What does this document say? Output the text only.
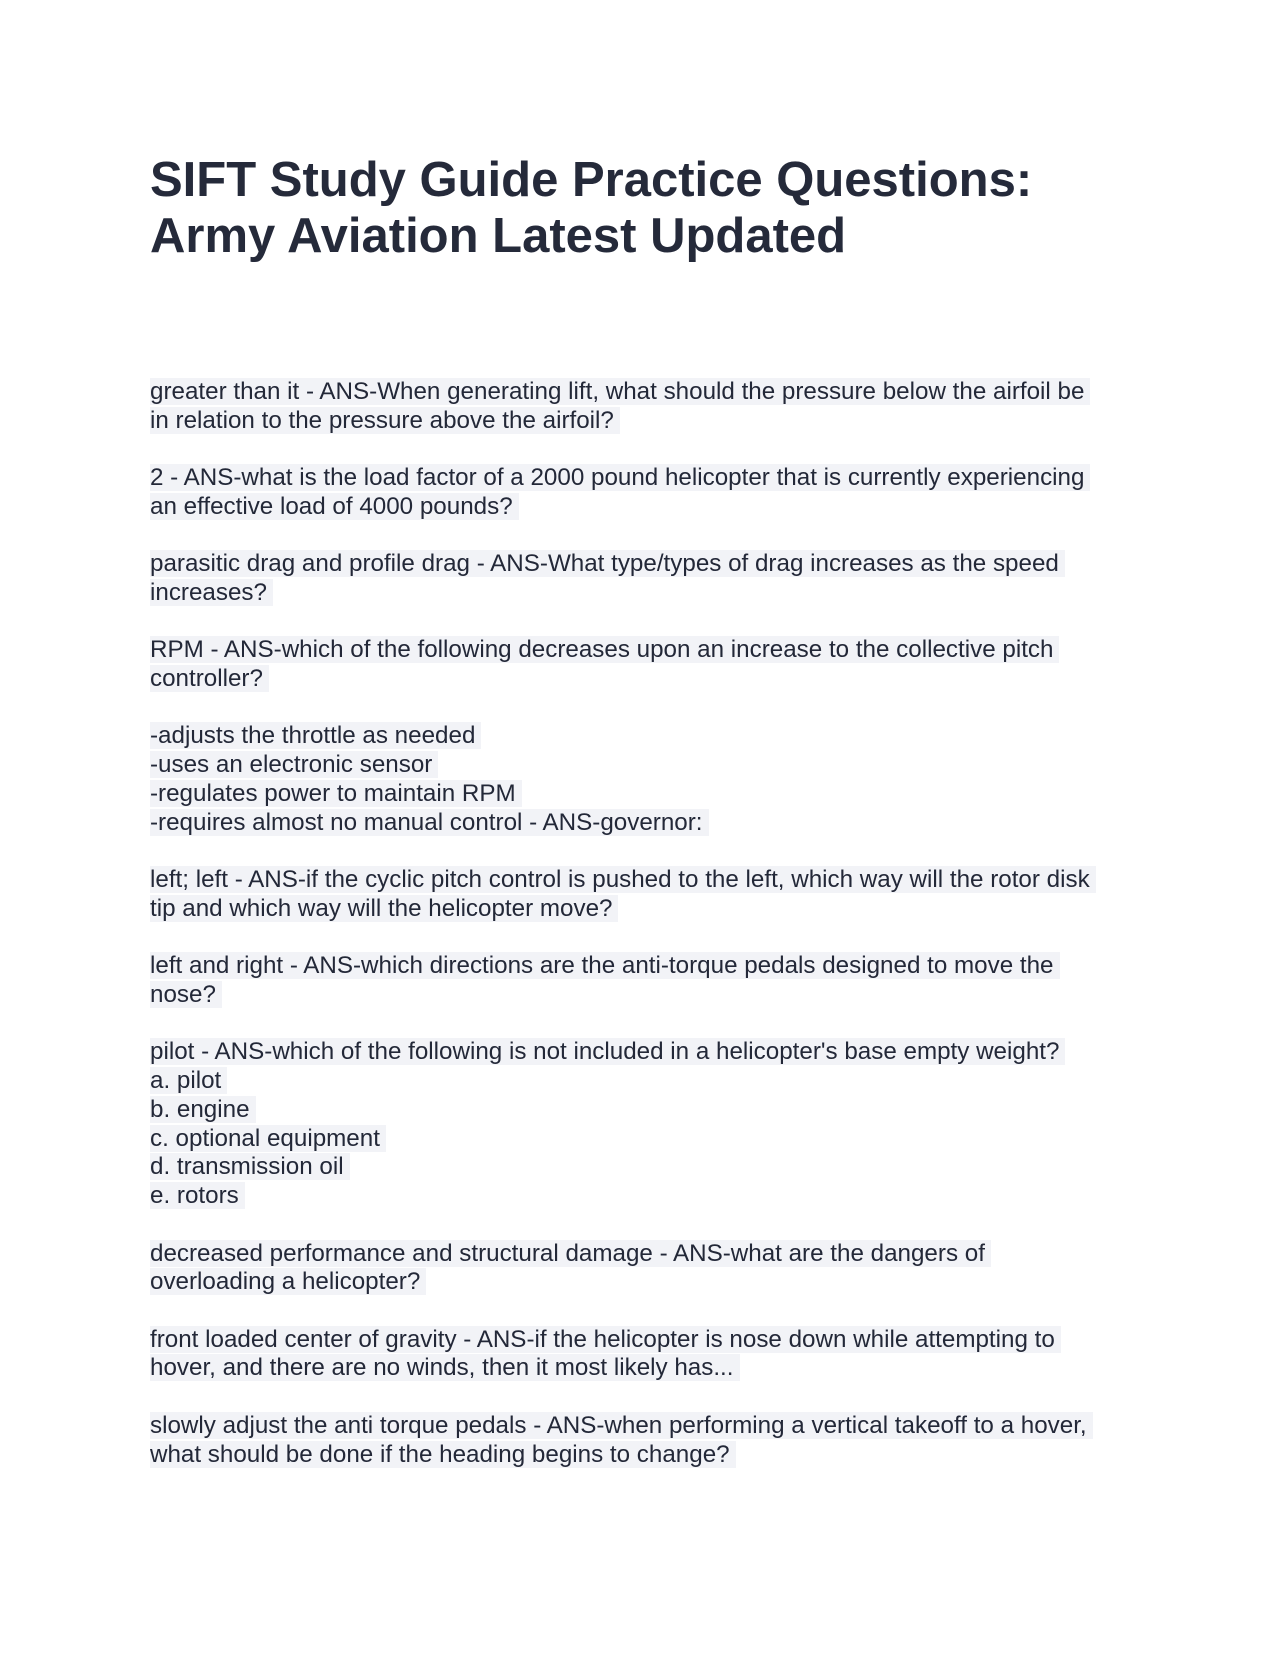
SIFT Study Guide Practice Questions:
Army Aviation Latest Updated
greater than it - ANS-When generating lift, what should the pressure below the airfoil be
in relation to the pressure above the airfoil?
2 - ANS-what is the load factor of a 2000 pound helicopter that is currently experiencing
an effective load of 4000 pounds?
parasitic drag and profile drag - ANS-What type/types of drag increases as the speed
increases?
RPM - ANS-which of the following decreases upon an increase to the collective pitch
controller?
-adjusts the throttle as needed
-uses an electronic sensor
-regulates power to maintain RPM
-requires almost no manual control - ANS-governor:
left; left - ANS-if the cyclic pitch control is pushed to the left, which way will the rotor disk
tip and which way will the helicopter move?
left and right - ANS-which directions are the anti-torque pedals designed to move the
nose?
pilot - ANS-which of the following is not included in a helicopter's base empty weight?
a. pilot
b. engine
c. optional equipment
d. transmission oil
e. rotors
decreased performance and structural damage - ANS-what are the dangers of
overloading a helicopter?
front loaded center of gravity - ANS-if the helicopter is nose down while attempting to
hover, and there are no winds, then it most likely has...
slowly adjust the anti torque pedals - ANS-when performing a vertical takeoff to a hover,
what should be done if the heading begins to change?
